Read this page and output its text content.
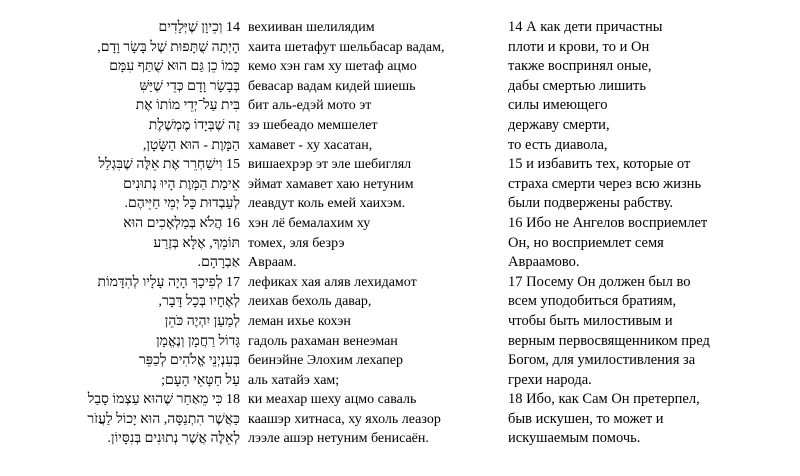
14 וְכֵיוָן שֶׁיְּלָדִים
הָיְתָה שֻׁתָּפוּת שֶׁל בָּשָׂר וָדָם,
כָּמוֹ כֵן גַּם הוּא שֻׁתַּף עִמָּם
בְּבָשָׂר וָדָם כְּדֵי שֶׁיַּשִּׁ
בִּית עַל־יְדֵי מוֹתוֹ אֶת
זֶה שֶׁבְּיָדוֹ מֶמְשֶׁלֶת
הַמָּוֶת - הוּא הַשָּׂטָן,
15 וִישַׁחְרֵר אֶת אֵלֶּה שֶׁבִּגְלַל
אֵימַת הַמָּוֶת הָיוּ נְתוּנִים
לְעַבְדוּת כָּל יְמֵי חַיֵּיהֶם.
16 הֲלֹא בְּמַלְאָכִים הוּא
תּוֹמֵךְ, אֶלָּא בְּזֶרַע
אַבְרָהָם.
17 לְפִיכָךְ הָיָה עָלָיו לְהִדָּמוֹת
לְאֶחָיו בְּכָל דָּבָר,
לְמַעַן יִהְיֶה כֹּהֵן
גָּדוֹל רַחֲמָן וְנֶאֱמָן
בְּעִנְיְנֵי אֱלֹהִים לְכַפֵּר
עַל חַטָּאֵי הָעָם;
18 כִּי מֵאַחַר שֶׁהוּא עַצְמוֹ סָבַל
כַּאֲשֶׁר הִתְנַסָּה, הוּא יָכוֹל לַעֲזֹר
לְאֵלֶּה אֲשֶׁר נְתוּנִים בְּנִסָּיוֹן.
вехииван шелилядим
хаита шетафут шельбасар вадам,
кемо хэн гам ху шетаф ацмо
бевасар вадам кидей шиешь
бит аль-едэй мото эт
зэ шебеадо мемшелет
хамавет - ху хасатан,
вишаехрэр эт эле шебиглял
эймат хамавет хаю нетуним
леавдут коль емей хаихэм.
хэн лё бемалахим ху
томех, эля безрэ
Авраам.
лефиках хая аляв лехидамот
леихав бехоль давар,
леман ихье кохэн
гадоль рахаман венеэман
беинэйне Элохим лехапер
аль хатайэ хам;
ки меахар шеху ацмо саваль
каашэр хитнаса, ху яхоль леазор
лээле ашэр нетуним бенисаён.
14 А как дети причастны
плоти и крови, то и Он
также воспринял оные,
дабы смертью лишить
силы имеющего
державу смерти,
то есть диавола,
15 и избавить тех, которые от
страха смерти через всю жизнь
были подвержены рабству.
16 Ибо не Ангелов восприемлет
Он, но восприемлет семя
Авраамово.
17 Посему Он должен был во
всем уподобиться братиям,
чтобы быть милостивым и
верным первосвященником пред
Богом, для умилостивления за
грехи народа.
18 Ибо, как Сам Он претерпел,
быв искушен, то может и
искушаемым помочь.
